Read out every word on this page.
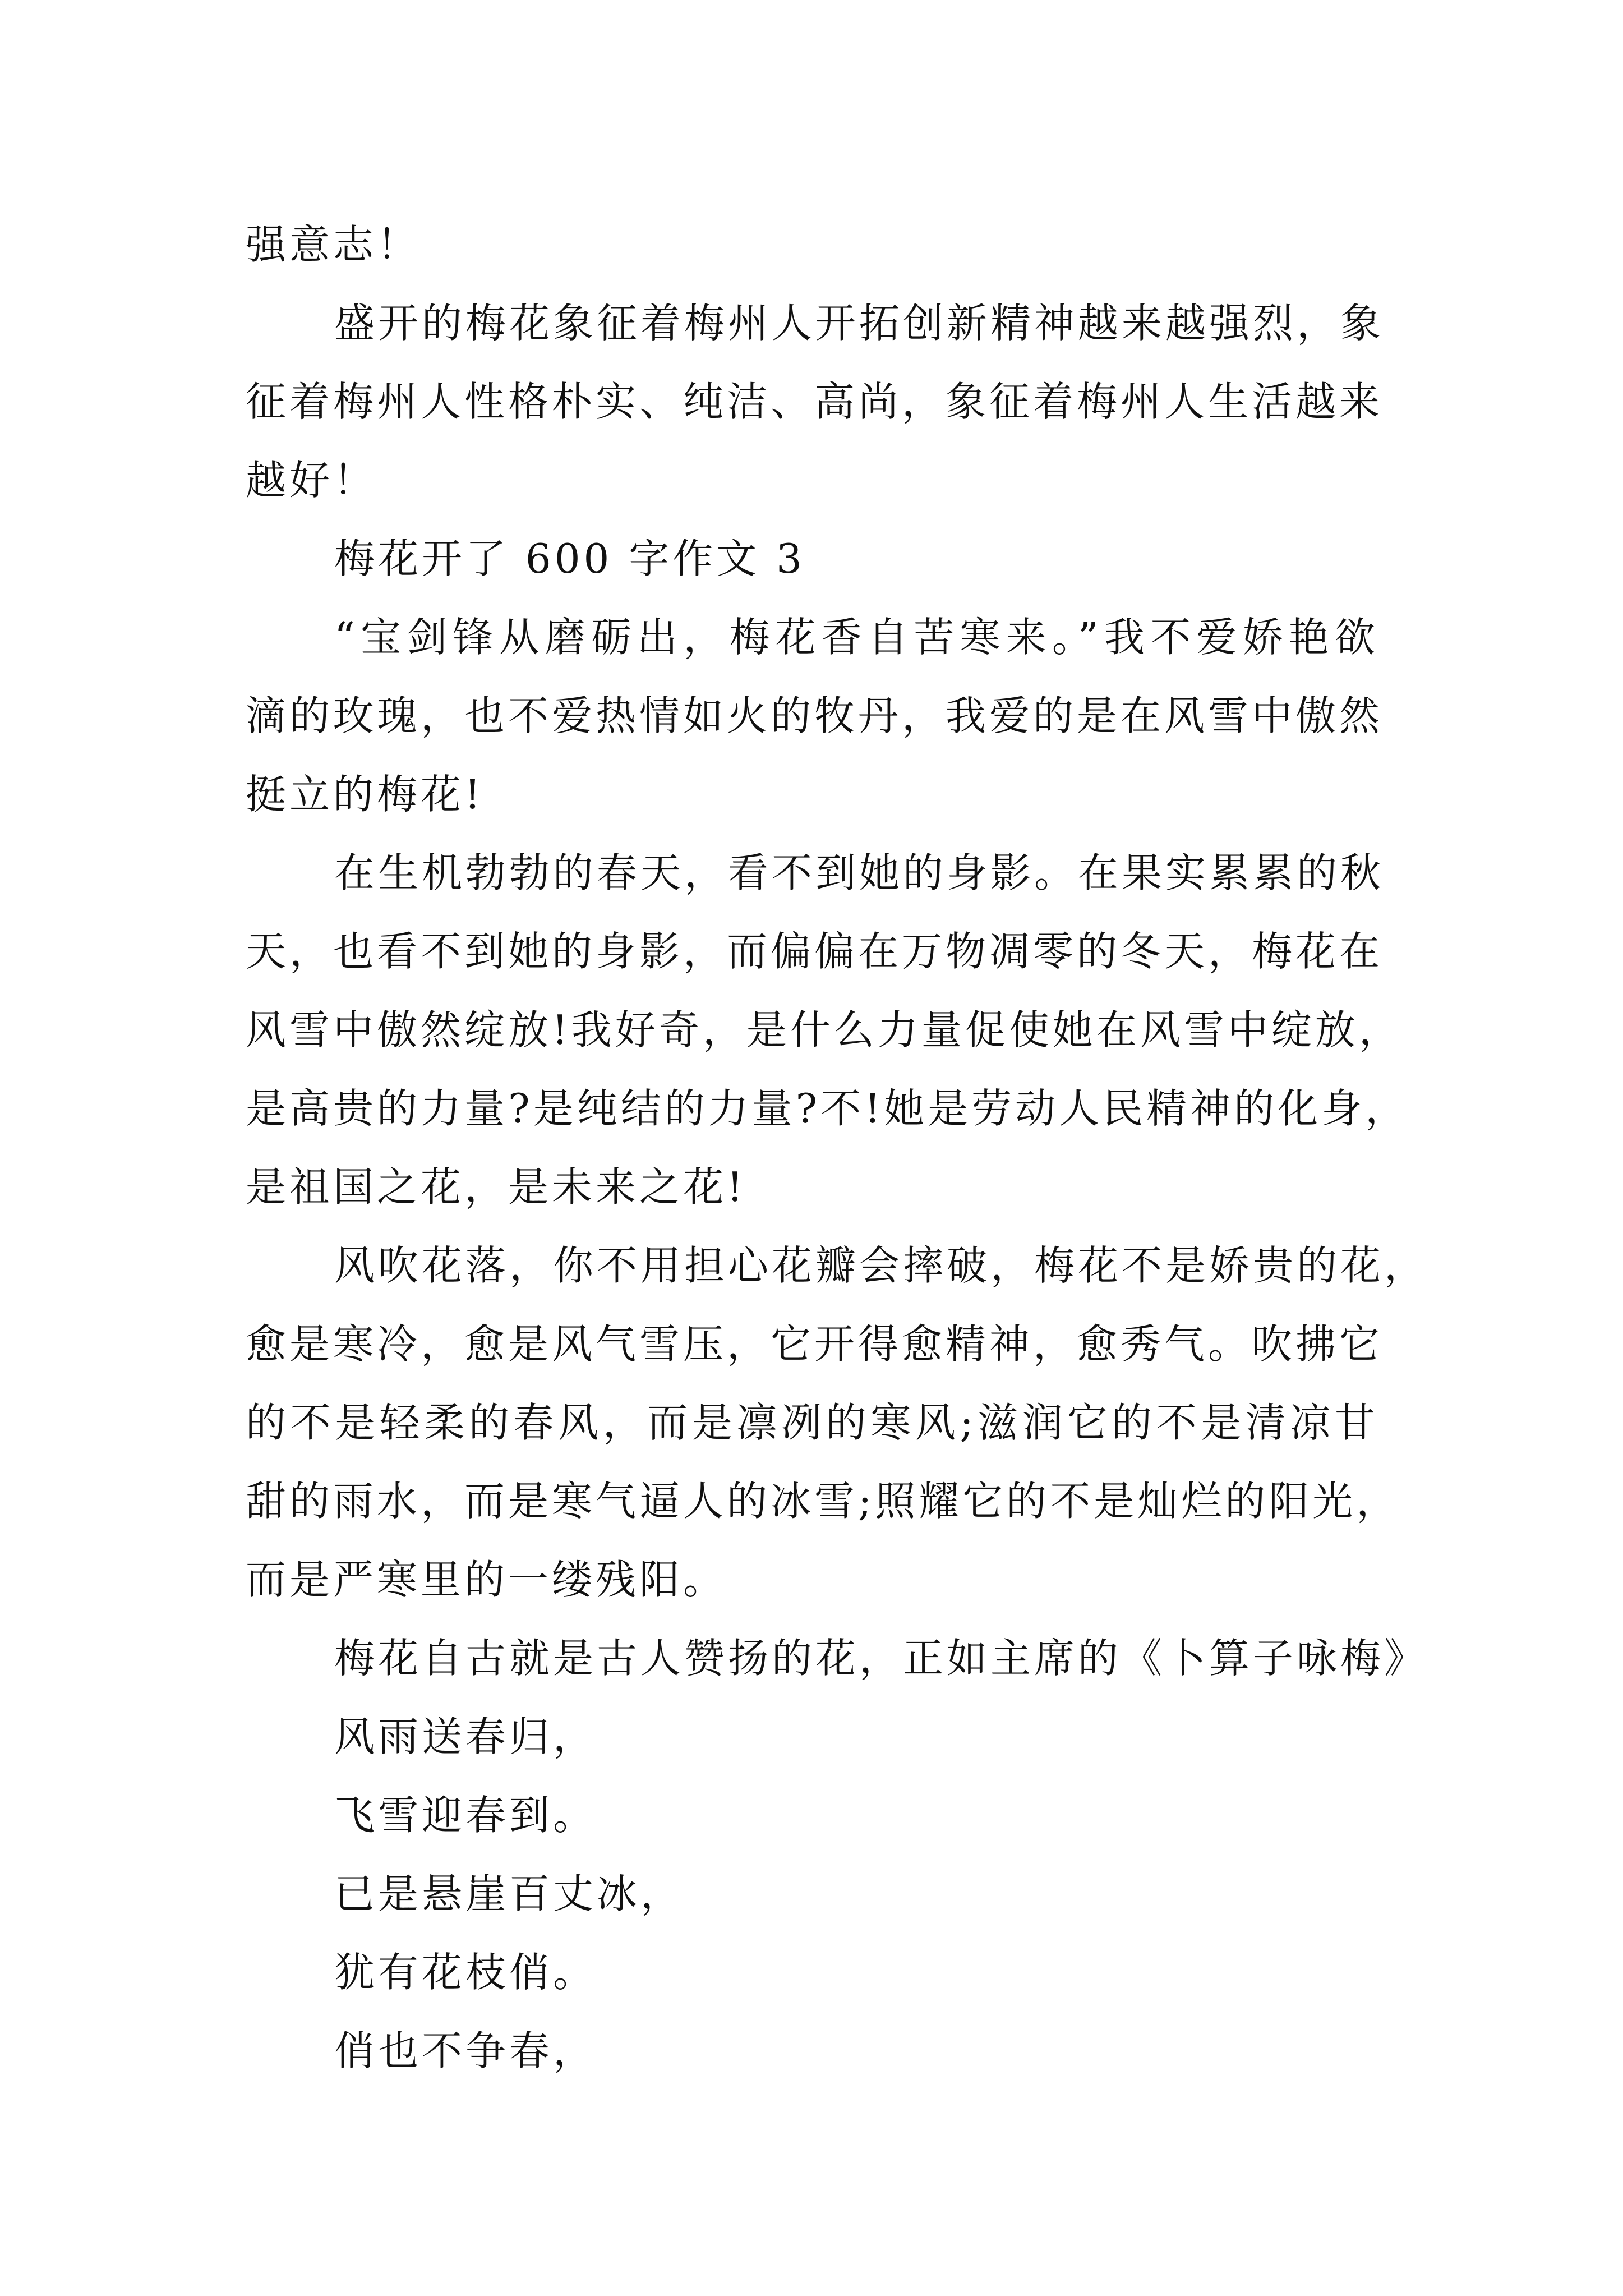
强意志！
盛开的梅花象征着梅州人开拓创新精神越来越强烈，象
征着梅州人性格朴实、纯洁、高尚，象征着梅州人生活越来
越好！
梅花开了 600 字作文 3
“宝剑锋从磨砺出，梅花香自苦寒来。”我不爱娇艳欲
滴的玫瑰，也不爱热情如火的牧丹，我爱的是在风雪中傲然
挺立的梅花!
在生机勃勃的春天，看不到她的身影。在果实累累的秋
天，也看不到她的身影，而偏偏在万物凋零的冬天，梅花在
风雪中傲然绽放!我好奇，是什么力量促使她在风雪中绽放，
是高贵的力量?是纯结的力量?不!她是劳动人民精神的化身，
是祖国之花，是未来之花!
风吹花落，你不用担心花瓣会摔破，梅花不是娇贵的花，
愈是寒冷，愈是风气雪压，它开得愈精神，愈秀气。吹拂它
的不是轻柔的春风，而是凛冽的寒风;滋润它的不是清凉甘
甜的雨水，而是寒气逼人的冰雪;照耀它的不是灿烂的阳光，
而是严寒里的一缕残阳。
梅花自古就是古人赞扬的花，正如主席的《卜算子咏梅》
风雨送春归，
飞雪迎春到。
已是悬崖百丈冰，
犹有花枝俏。
俏也不争春，
